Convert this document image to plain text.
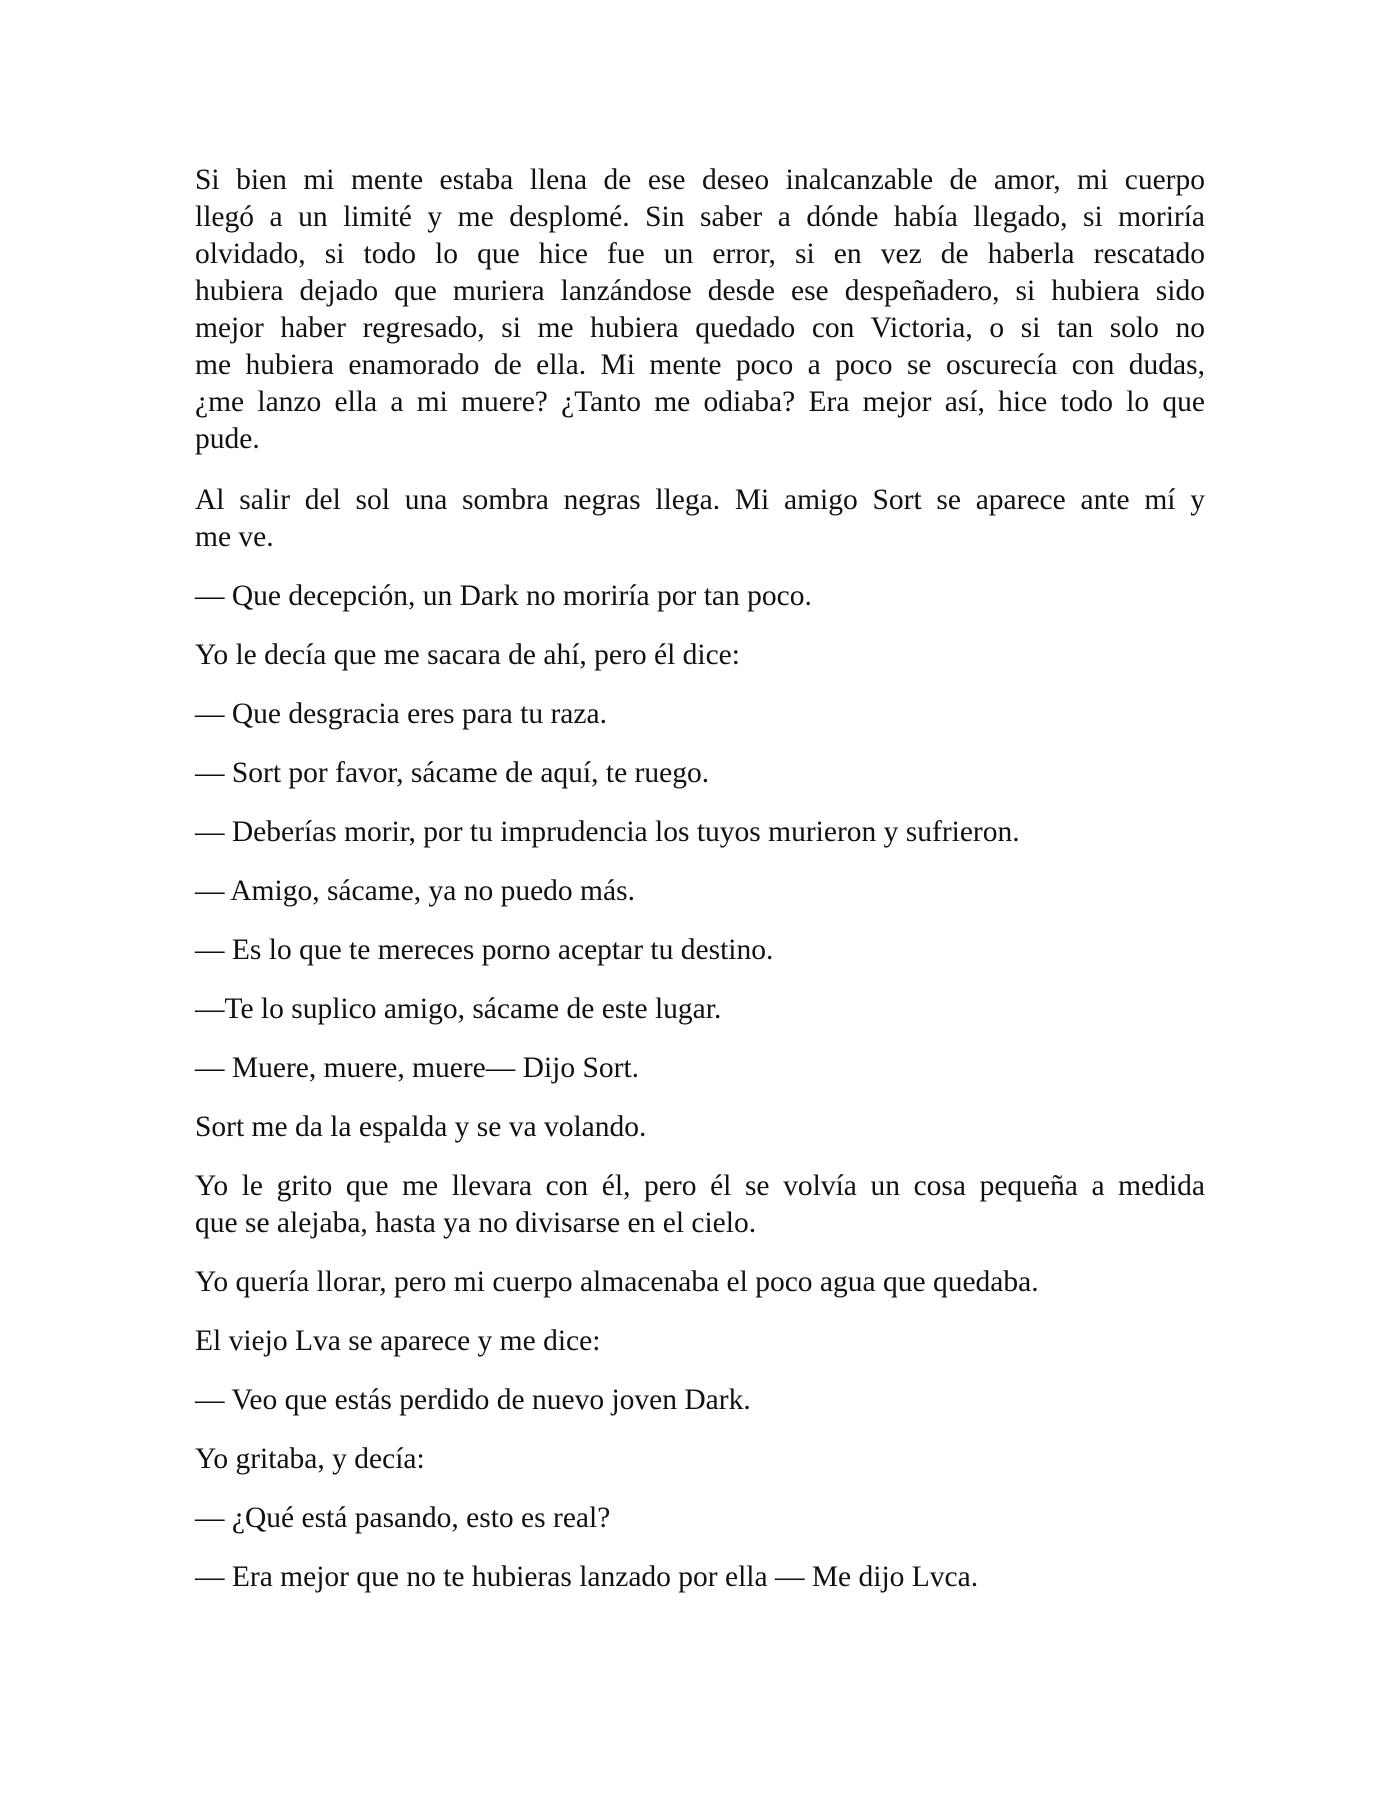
Si bien mi mente estaba llena de ese deseo inalcanzable de amor, mi cuerpo
llegó a un limité y me desplomé. Sin saber a dónde había llegado, si moriría
olvidado, si todo lo que hice fue un error, si en vez de haberla rescatado
hubiera dejado que muriera lanzándose desde ese despeñadero, si hubiera sido
mejor haber regresado, si me hubiera quedado con Victoria, o si tan solo no
me hubiera enamorado de ella. Mi mente poco a poco se oscurecía con dudas,
¿me lanzo ella a mi muere? ¿Tanto me odiaba? Era mejor así, hice todo lo que
pude.
Al salir del sol una sombra negras llega. Mi amigo Sort se aparece ante mí y
me ve.

— Que decepción, un Dark no moriría por tan poco.

Yo le decía que me sacara de ahí, pero él dice:

— Que desgracia eres para tu raza.

— Sort por favor, sácame de aquí, te ruego.

— Deberías morir, por tu imprudencia los tuyos murieron y sufrieron.

— Amigo, sácame, ya no puedo más.

— Es lo que te mereces porno aceptar tu destino.

—Te lo suplico amigo, sácame de este lugar.

— Muere, muere, muere— Dijo Sort.

Sort me da la espalda y se va volando.

Yo le grito que me llevara con él, pero él se volvía un cosa pequeña a medida
que se alejaba, hasta ya no divisarse en el cielo.

Yo quería llorar, pero mi cuerpo almacenaba el poco agua que quedaba.

El viejo Lva se aparece y me dice:

— Veo que estás perdido de nuevo joven Dark.

Yo gritaba, y decía:

— ¿Qué está pasando, esto es real?

— Era mejor que no te hubieras lanzado por ella — Me dijo Lvca.
